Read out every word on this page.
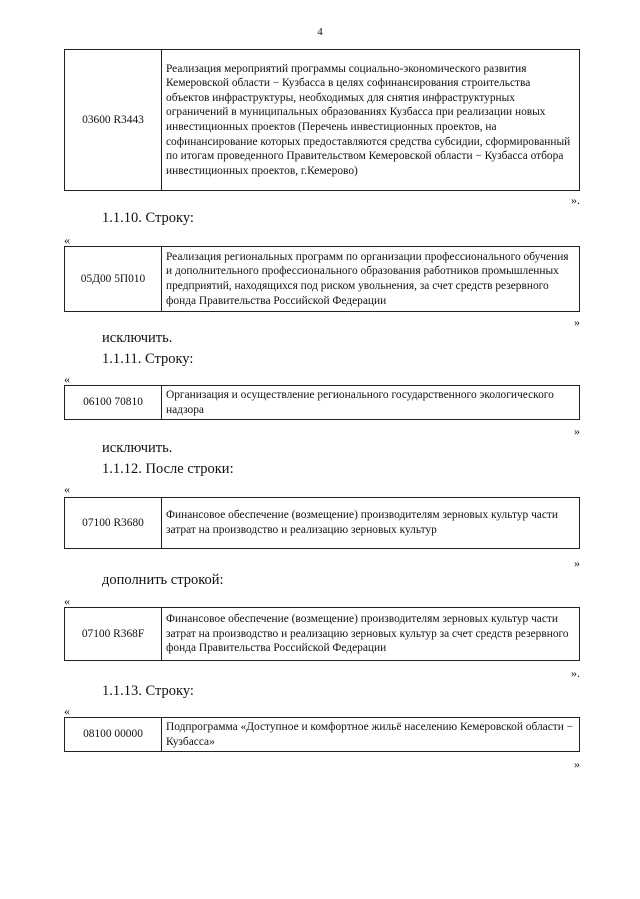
4
03600 R3443	Реализация мероприятий программы социально-экономического развития Кемеровской области − Кузбасса в целях софинансирования строительства объектов инфраструктуры, необходимых для снятия инфраструктурных ограничений в муниципальных образованиях Кузбасса при реализации новых инвестиционных проектов (Перечень инвестиционных проектов, на софинансирование которых предоставляются средства субсидии, сформированный по итогам проведенного Правительством Кемеровской области − Кузбасса отбора инвестиционных проектов, г.Кемерово)
».
1.1.10. Строку:
«
05Д00 5П010	Реализация региональных программ по организации профессионального обучения и дополнительного профессионального образования работников промышленных предприятий, находящихся под риском увольнения, за счет средств резервного фонда Правительства Российской Федерации
»
исключить.
1.1.11. Строку:
«
06100 70810	Организация и осуществление регионального государственного экологического надзора
»
исключить.
1.1.12. После строки:
«
07100 R3680	Финансовое обеспечение (возмещение) производителям зерновых культур части затрат на производство и реализацию зерновых культур
»
дополнить строкой:
«
07100 R368F	Финансовое обеспечение (возмещение) производителям зерновых культур части затрат на производство и реализацию зерновых культур за счет средств резервного фонда Правительства Российской Федерации
».
1.1.13. Строку:
«
08100 00000	Подпрограмма «Доступное и комфортное жильё населению Кемеровской области − Кузбасса»
»
